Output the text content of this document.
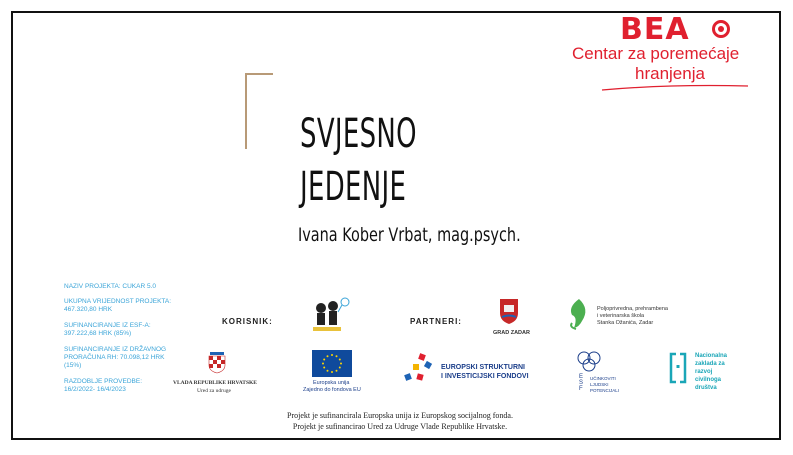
SVJESNO
JEDENJE
Ivana Kober Vrbat, mag.psych.
BEA
Centar za poremećaje
hranjenja
NAZIV PROJEKTA: CUKAR 5.0
UKUPNA VRIJEDNOST PROJEKTA:
467.320,80 HRK
SUFINANCIRANJE IZ ESF-A:
397.222,68 HRK (85%)
SUFINANCIRANJE IZ DRŽAVNOG
PRORAČUNA RH: 70.098,12 HRK
(15%)
RAZDOBLJE PROVEDBE:
16/2/2022- 16/4/2023
KORISNIK:	PARTNERI:
GRAD ZADAR
Poljoprivredna, prehrambena
i veterinarska škola
Stanka Ožanića, Zadar
VLADA REPUBLIKE HRVATSKE
Ured za udruge
Europska unija
Zajedno do fondova EU
EUROPSKI STRUKTURNI
I INVESTICIJSKI FONDOVI	E
S
F
UČINKOVITI
LJUDSKI
POTENCIJALI
Nacionalna
zaklada za
razvoj
civilnoga
društva
Projekt je sufinancirala Europska unija iz Europskog socijalnog fonda.
Projekt je sufinancirao Ured za Udruge Vlade Republike Hrvatske.
